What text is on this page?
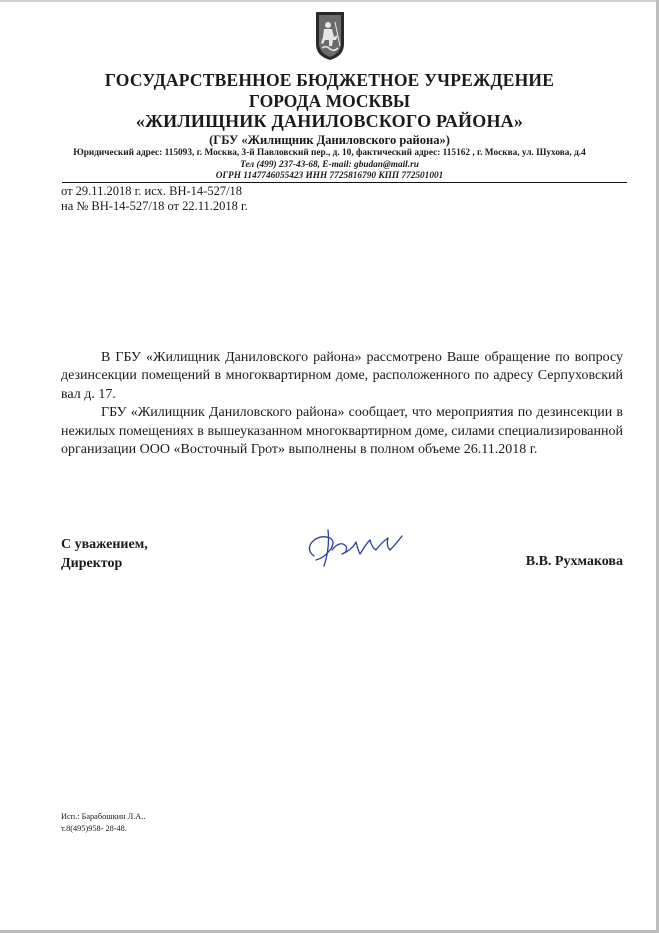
ГОСУДАРСТВЕННОЕ БЮДЖЕТНОЕ УЧРЕЖДЕНИЕ
ГОРОДА МОСКВЫ
«ЖИЛИЩНИК ДАНИЛОВСКОГО РАЙОНА»
(ГБУ «Жилищник Даниловского района»)
Юридический адрес: 115093, г. Москва, 3-й Павловский пер., д. 10, фактический адрес: 115162 , г. Москва, ул. Шухова, д.4
Тел (499) 237-43-68, E-mail: gbudan@mail.ru
ОГРН 1147746055423 ИНН 7725816790 КПП 772501001
от 29.11.2018 г. исх. ВН-14-527/18
на № ВН-14-527/18 от 22.11.2018 г.

В ГБУ «Жилищник Даниловского района» рассмотрено Ваше обращение по вопросу дезинсекции помещений в многоквартирном доме, расположенного по адресу Серпуховский вал д. 17.

ГБУ «Жилищник Даниловского района» сообщает, что мероприятия по дезинсекции в нежилых помещениях в вышеуказанном многоквартирном доме, силами специализированной организации ООО «Восточный Грот» выполнены в полном объеме 26.11.2018 г.

С уважением,
Директор	В.В. Рухмакова
Исп.: Барабошкин Л.А..
т.8(495)958- 28-48.
